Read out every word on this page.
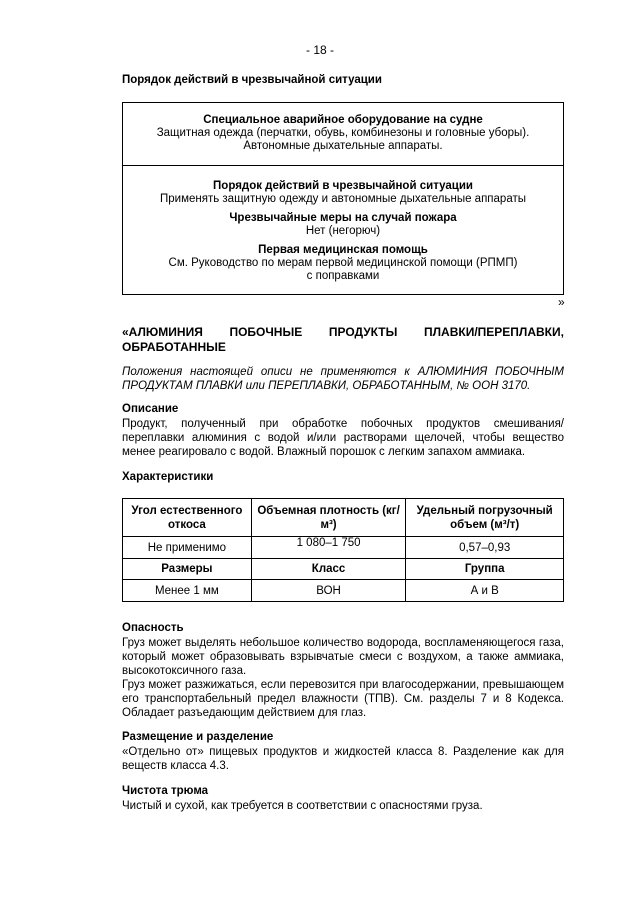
- 18 -
Порядок действий в чрезвычайной ситуации
Специальное аварийное оборудование на судне
Защитная одежда (перчатки, обувь, комбинезоны и головные уборы).
Автономные дыхательные аппараты.
Порядок действий в чрезвычайной ситуации
Применять защитную одежду и автономные дыхательные аппараты
Чрезвычайные меры на случай пожара
Нет (негорюч)
Первая медицинская помощь
См. Руководство по мерам первой медицинской помощи (РПМП)
с поправками
»
«АЛЮМИНИЯ ПОБОЧНЫЕ ПРОДУКТЫ ПЛАВКИ/ПЕРЕПЛАВКИ,
ОБРАБОТАННЫЕ
Положения настоящей описи не применяются к АЛЮМИНИЯ ПОБОЧНЫМ ПРОДУКТАМ ПЛАВКИ или ПЕРЕПЛАВКИ, ОБРАБОТАННЫМ, № ООН 3170.
Описание
Продукт, полученный при обработке побочных продуктов смешивания/ переплавки алюминия с водой и/или растворами щелочей, чтобы вещество менее реагировало с водой. Влажный порошок с легким запахом аммиака.
Характеристики
Угол естественного откоса	Объемная плотность (кг/м³)	Удельный погрузочный объем (м³/т)
Не применимо	1 080–1 750	0,57–0,93
Размеры	Класс	Группа
Менее 1 мм	ВОН	А и В
Опасность
Груз может выделять небольшое количество водорода, воспламеняющегося газа, который может образовывать взрывчатые смеси с воздухом, а также аммиака, высокотоксичного газа.
Груз может разжижаться, если перевозится при влагосодержании, превышающем его транспортабельный предел влажности (ТПВ). См. разделы 7 и 8 Кодекса. Обладает разъедающим действием для глаз.
Размещение и разделение
«Отдельно от» пищевых продуктов и жидкостей класса 8. Разделение как для веществ класса 4.3.
Чистота трюма
Чистый и сухой, как требуется в соответствии с опасностями груза.
